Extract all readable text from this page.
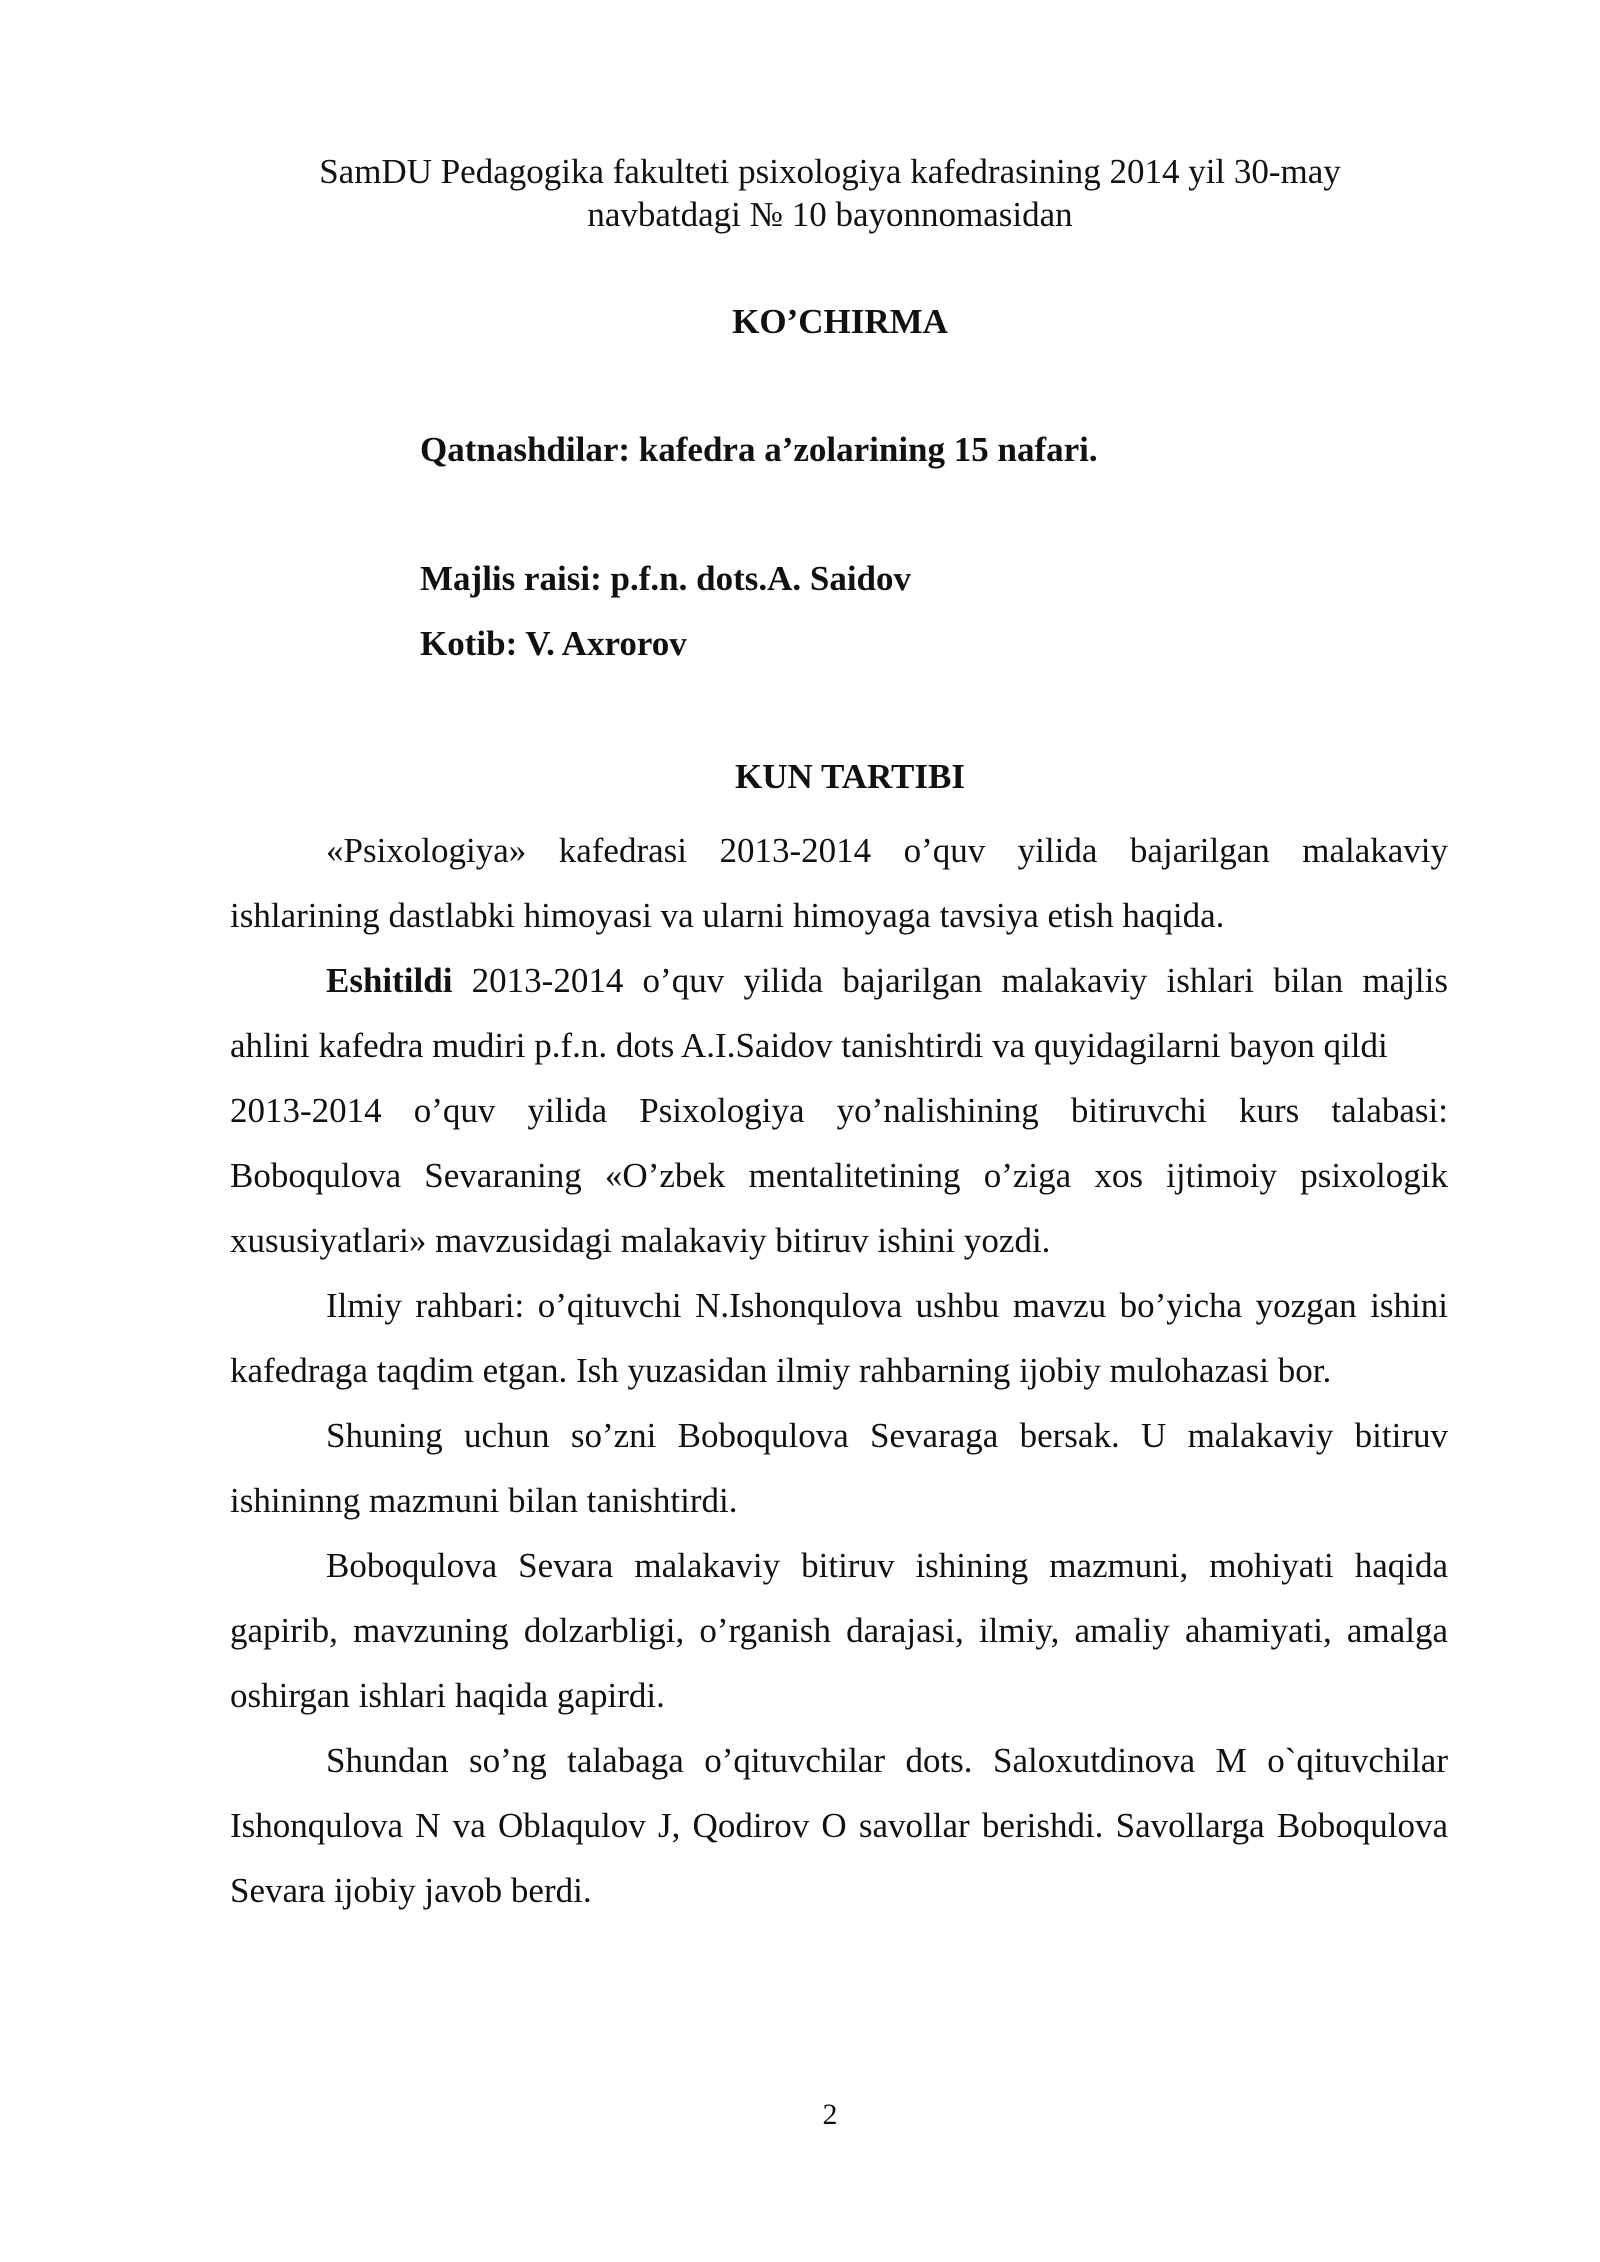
SamDU Pedagogika fakulteti psixologiya kafedrasining 2014 yil 30-may
navbatdagi № 10 bayonnomasidan
KO’CHIRMA
Qatnashdilar: kafedra a’zolarining 15 nafari.
Majlis raisi: p.f.n. dots.A. Saidov
Kotib: V. Axrorov
KUN TARTIBI

«Psixologiya» kafedrasi 2013-2014 o’quv yilida bajarilgan malakaviy ishlarining dastlabki himoyasi va ularni himoyaga tavsiya etish haqida.

Eshitildi 2013-2014 o’quv yilida bajarilgan malakaviy ishlari bilan majlis ahlini kafedra mudiri p.f.n. dots A.I.Saidov tanishtirdi va quyidagilarni bayon qildi

2013-2014 o’quv yilida Psixologiya yo’nalishining bitiruvchi kurs talabasi: Boboqulova Sevaraning «O’zbek mentalitetining o’ziga xos ijtimoiy psixologik xususiyatlari» mavzusidagi malakaviy bitiruv ishini yozdi.

Ilmiy rahbari: o’qituvchi N.Ishonqulova ushbu mavzu bo’yicha yozgan ishini kafedraga taqdim etgan. Ish yuzasidan ilmiy rahbarning ijobiy mulohazasi bor.

Shuning uchun so’zni Boboqulova Sevaraga bersak. U malakaviy bitiruv ishininng mazmuni bilan tanishtirdi.

Boboqulova Sevara malakaviy bitiruv ishining mazmuni, mohiyati haqida gapirib, mavzuning dolzarbligi, o’rganish darajasi, ilmiy, amaliy ahamiyati, amalga oshirgan ishlari haqida gapirdi.

Shundan so’ng talabaga o’qituvchilar dots. Saloxutdinova M o`qituvchilar Ishonqulova N va Oblaqulov J, Qodirov O savollar berishdi. Savollarga Boboqulova Sevara ijobiy javob berdi.

2
